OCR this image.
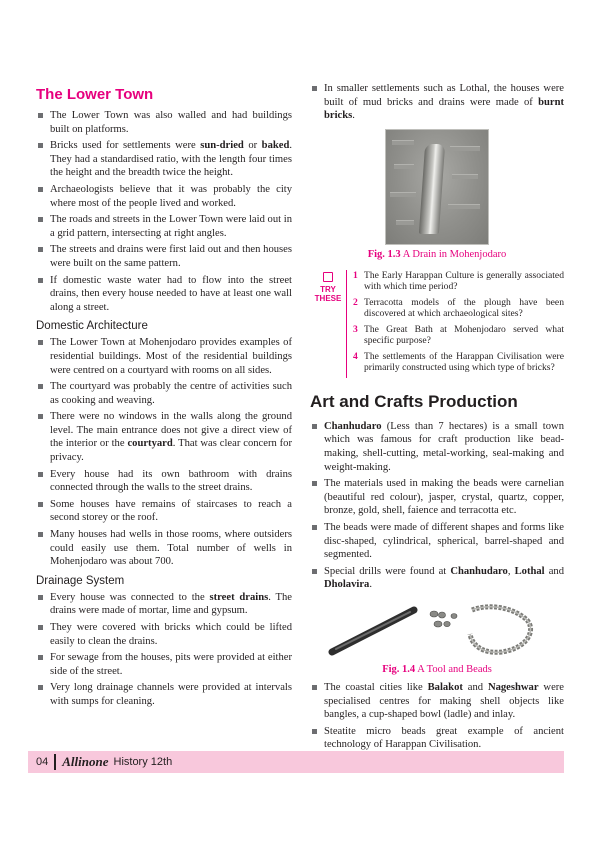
The Lower Town
The Lower Town was also walled and had buildings built on platforms.
Bricks used for settlements were sun-dried or baked. They had a standardised ratio, with the length four times the height and the breadth twice the height.
Archaeologists believe that it was probably the city where most of the people lived and worked.
The roads and streets in the Lower Town were laid out in a grid pattern, intersecting at right angles.
The streets and drains were first laid out and then houses were built on the same pattern.
If domestic waste water had to flow into the street drains, then every house needed to have at least one wall along a street.
Domestic Architecture
The Lower Town at Mohenjodaro provides examples of residential buildings. Most of the residential buildings were centred on a courtyard with rooms on all sides.
The courtyard was probably the centre of activities such as cooking and weaving.
There were no windows in the walls along the ground level. The main entrance does not give a direct view of the interior or the courtyard. That was clear concern for privacy.
Every house had its own bathroom with drains connected through the walls to the street drains.
Some houses have remains of staircases to reach a second storey or the roof.
Many houses had wells in those rooms, where outsiders could easily use them. Total number of wells in Mohenjodaro was about 700.
Drainage System
Every house was connected to the street drains. The drains were made of mortar, lime and gypsum.
They were covered with bricks which could be lifted easily to clean the drains.
For sewage from the houses, pits were provided at either side of the street.
Very long drainage channels were provided at intervals with sumps for cleaning.
In smaller settlements such as Lothal, the houses were built of mud bricks and drains were made of burnt bricks.
Fig. 1.3 A Drain in Mohenjodaro
TRY
THESE
1 The Early Harappan Culture is generally associated with which time period?
2 Terracotta models of the plough have been discovered at which archaeological sites?
3 The Great Bath at Mohenjodaro served what specific purpose?
4 The settlements of the Harappan Civilisation were primarily constructed using which type of bricks?
Art and Crafts Production
Chanhudaro (Less than 7 hectares) is a small town which was famous for craft production like bead-making, shell-cutting, metal-working, seal-making and weight-making.
The materials used in making the beads were carnelian (beautiful red colour), jasper, crystal, quartz, copper, bronze, gold, shell, faience and terracotta etc.
The beads were made of different shapes and forms like disc-shaped, cylindrical, spherical, barrel-shaped and segmented.
Special drills were found at Chanhudaro, Lothal and Dholavira.
Fig. 1.4 A Tool and Beads
The coastal cities like Balakot and Nageshwar were specialised centres for making shell objects like bangles, a cup-shaped bowl (ladle) and inlay.
Steatite micro beads great example of ancient technology of Harappan Civilisation.
04 Allinone History 12th
